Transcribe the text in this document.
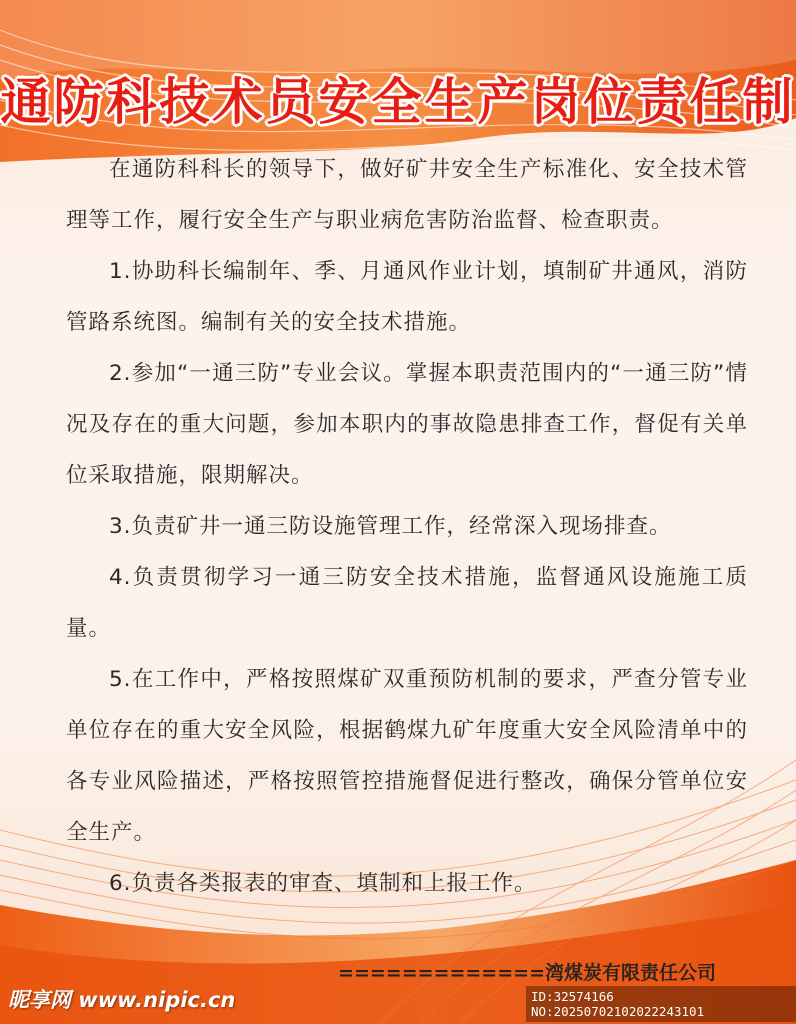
通防科技术员安全生产岗位责任制

在通防科科长的领导下，做好矿井安全生产标准化、安全技术管理等工作，履行安全生产与职业病危害防治监督、检查职责。

1.协助科长编制年、季、月通风作业计划，填制矿井通风，消防管路系统图。编制有关的安全技术措施。

2.参加“一通三防”专业会议。掌握本职责范围内的“一通三防”情况及存在的重大问题，参加本职内的事故隐患排查工作，督促有关单位采取措施，限期解决。

3.负责矿井一通三防设施管理工作，经常深入现场排查。

4.负责贯彻学习一通三防安全技术措施，监督通风设施施工质量。

5.在工作中，严格按照煤矿双重预防机制的要求，严查分管专业单位存在的重大安全风险，根据鹤煤九矿年度重大安全风险清单中的各专业风险描述，严格按照管控措施督促进行整改，确保分管单位安全生产。

6.负责各类报表的审查、填制和上报工作。

=============湾煤炭有限责任公司
昵享网 www.nipic.cn	ID:32574166 NO:20250702102022243101
